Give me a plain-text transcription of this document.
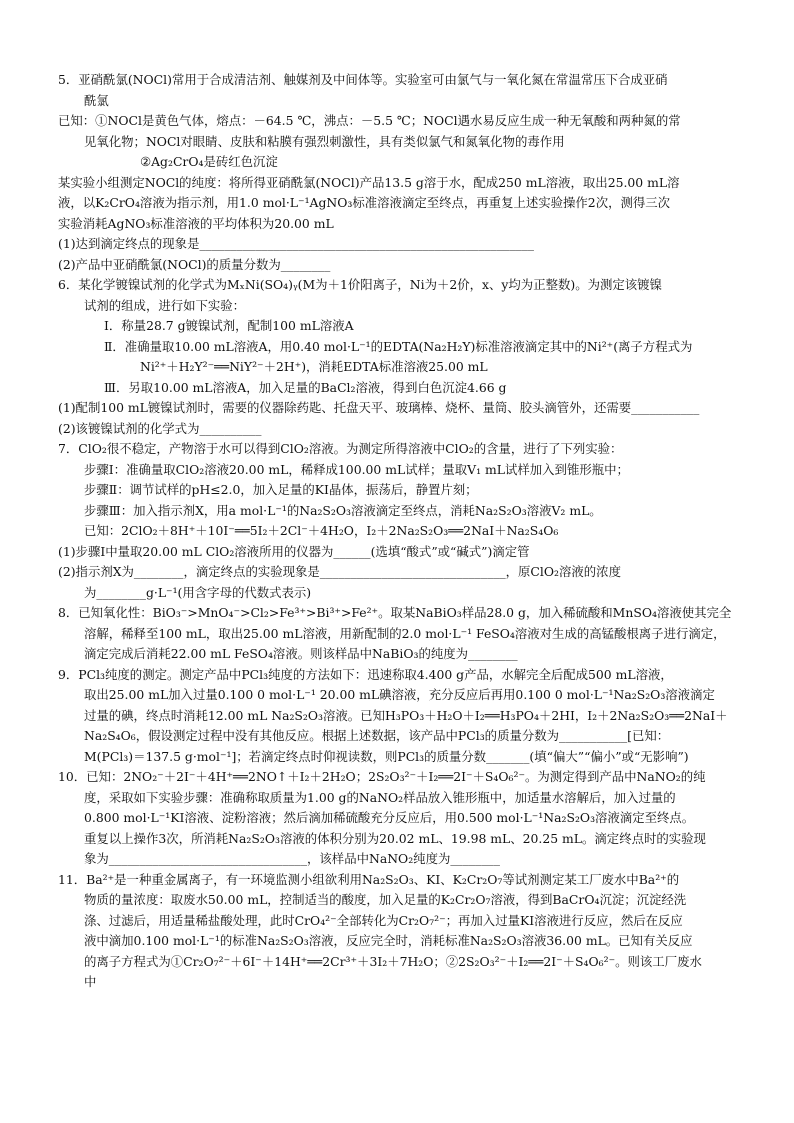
5．亚硝酰氯(NOCl)常用于合成清洁剂、触媒剂及中间体等。实验室可由氯气与一氧化氮在常温常压下合成亚硝
酰氯
已知：①NOCl是黄色气体，熔点：－64.5 ℃，沸点：－5.5 ℃；NOCl遇水易反应生成一种无氧酸和两种氮的常
见氧化物；NOCl对眼睛、皮肤和粘膜有强烈刺激性，具有类似氯气和氮氧化物的毒作用
②Ag₂CrO₄是砖红色沉淀
某实验小组测定NOCl的纯度：将所得亚硝酰氯(NOCl)产品13.5 g溶于水，配成250 mL溶液，取出25.00 mL溶
液，以K₂CrO₄溶液为指示剂，用1.0 mol·L⁻¹AgNO₃标准溶液滴定至终点，再重复上述实验操作2次，测得三次
实验消耗AgNO₃标准溶液的平均体积为20.00 mL
(1)达到滴定终点的现象是______________________________________________________
(2)产品中亚硝酰氯(NOCl)的质量分数为________
6．某化学镀镍试剂的化学式为MₓNi(SO₄)ᵧ(M为＋1价阳离子，Ni为＋2价，x、y均为正整数)。为测定该镀镍
试剂的组成，进行如下实验：
Ⅰ．称量28.7 g镀镍试剂，配制100 mL溶液A
Ⅱ．准确量取10.00 mL溶液A，用0.40 mol·L⁻¹的EDTA(Na₂H₂Y)标准溶液滴定其中的Ni²⁺(离子方程式为
Ni²⁺＋H₂Y²⁻══NiY²⁻＋2H⁺)，消耗EDTA标准溶液25.00 mL
Ⅲ．另取10.00 mL溶液A，加入足量的BaCl₂溶液，得到白色沉淀4.66 g
(1)配制100 mL镀镍试剂时，需要的仪器除药匙、托盘天平、玻璃棒、烧杯、量筒、胶头滴管外，还需要___________
(2)该镀镍试剂的化学式为__________
7．ClO₂很不稳定，产物溶于水可以得到ClO₂溶液。为测定所得溶液中ClO₂的含量，进行了下列实验：
步骤Ⅰ：准确量取ClO₂溶液20.00 mL，稀释成100.00 mL试样；量取V₁ mL试样加入到锥形瓶中；
步骤Ⅱ：调节试样的pH≤2.0，加入足量的KI晶体，振荡后，静置片刻；
步骤Ⅲ：加入指示剂X，用a mol·L⁻¹的Na₂S₂O₃溶液滴定至终点，消耗Na₂S₂O₃溶液V₂ mL。
已知：2ClO₂＋8H⁺＋10I⁻══5I₂＋2Cl⁻＋4H₂O，I₂＋2Na₂S₂O₃══2NaI＋Na₂S₄O₆
(1)步骤Ⅰ中量取20.00 mL ClO₂溶液所用的仪器为______(选填“酸式”或“碱式”)滴定管
(2)指示剂X为________，滴定终点的实验现象是______________________________，原ClO₂溶液的浓度
为________g·L⁻¹(用含字母的代数式表示)
8．已知氧化性：BiO₃⁻>MnO₄⁻>Cl₂>Fe³⁺>Bi³⁺>Fe²⁺。取某NaBiO₃样品28.0 g，加入稀硫酸和MnSO₄溶液使其完全
溶解，稀释至100 mL，取出25.00 mL溶液，用新配制的2.0 mol·L⁻¹ FeSO₄溶液对生成的高锰酸根离子进行滴定，
滴定完成后消耗22.00 mL FeSO₄溶液。则该样品中NaBiO₃的纯度为________
9．PCl₃纯度的测定。测定产品中PCl₃纯度的方法如下：迅速称取4.400 g产品，水解完全后配成500 mL溶液，
取出25.00 mL加入过量0.100 0 mol·L⁻¹ 20.00 mL碘溶液，充分反应后再用0.100 0 mol·L⁻¹Na₂S₂O₃溶液滴定
过量的碘，终点时消耗12.00 mL Na₂S₂O₃溶液。已知H₃PO₃＋H₂O＋I₂══H₃PO₄＋2HI，I₂＋2Na₂S₂O₃══2NaI＋
Na₂S₄O₆，假设测定过程中没有其他反应。根据上述数据，该产品中PCl₃的质量分数为___________[已知：
M(PCl₃)＝137.5 g·mol⁻¹]；若滴定终点时仰视读数，则PCl₃的质量分数_______(填“偏大”“偏小”或“无影响”)
10．已知：2NO₂⁻＋2I⁻＋4H⁺══2NO↑＋I₂＋2H₂O；2S₂O₃²⁻＋I₂══2I⁻＋S₄O₆²⁻。为测定得到产品中NaNO₂的纯
度，采取如下实验步骤：准确称取质量为1.00 g的NaNO₂样品放入锥形瓶中，加适量水溶解后，加入过量的
0.800 mol·L⁻¹KI溶液、淀粉溶液；然后滴加稀硫酸充分反应后，用0.500 mol·L⁻¹Na₂S₂O₃溶液滴定至终点。
重复以上操作3次，所消耗Na₂S₂O₃溶液的体积分别为20.02 mL、19.98 mL、20.25 mL。滴定终点时的实验现
象为________________________________，该样品中NaNO₂纯度为________
11．Ba²⁺是一种重金属离子，有一环境监测小组欲利用Na₂S₂O₃、KI、K₂Cr₂O₇等试剂测定某工厂废水中Ba²⁺的
物质的量浓度：取废水50.00 mL，控制适当的酸度，加入足量的K₂Cr₂O₇溶液，得到BaCrO₄沉淀；沉淀经洗
涤、过滤后，用适量稀盐酸处理，此时CrO₄²⁻全部转化为Cr₂O₇²⁻；再加入过量KI溶液进行反应，然后在反应
液中滴加0.100 mol·L⁻¹的标准Na₂S₂O₃溶液，反应完全时，消耗标准Na₂S₂O₃溶液36.00 mL。已知有关反应
的离子方程式为①Cr₂O₇²⁻＋6I⁻＋14H⁺══2Cr³⁺＋3I₂＋7H₂O；②2S₂O₃²⁻＋I₂══2I⁻＋S₄O₆²⁻。则该工厂废水
中
